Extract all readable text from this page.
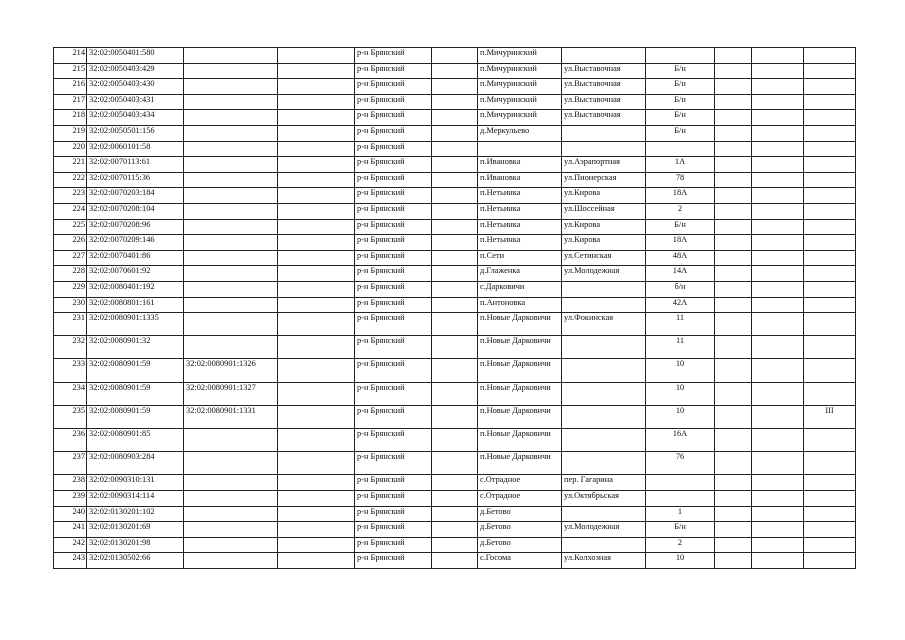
214	32:02:0050401:580			р-н Брянский		п.Мичуринский					
215	32:02:0050403:429			р-н Брянский		п.Мичуринский	ул.Выставочная	Б/н			
216	32:02:0050403:430			р-н Брянский		п.Мичуринский	ул.Выставочная	Б/н			
217	32:02:0050403:431			р-н Брянский		п.Мичуринский	ул.Выставочная	Б/н			
218	32:02:0050403:434			р-н Брянский		п.Мичуринский	ул.Выставочная	Б/н			
219	32:02:0050501:156			р-н Брянский		д.Меркульево		Б/н			
220	32:02:0060101:58			р-н Брянский							
221	32:02:0070113:61			р-н Брянский		п.Ивановка	ул.Аэрапортная	1А			
222	32:02:0070115:36			р-н Брянский		п.Ивановка	ул.Пионерская	78			
223	32:02:0070203:184			р-н Брянский		п.Нетьинка	ул.Кирова	18А			
224	32:02:0070208:104			р-н Брянский		п.Нетьинка	ул.Шоссейная	2			
225	32:02:0070208:96			р-н Брянский		п.Нетьинка	ул.Кирова	Б/н			
226	32:02:0070209:146			р-н Брянский		п.Нетьинка	ул.Кирова	18А			
227	32:02:0070401:86			р-н Брянский		п.Сети	ул.Сетинская	48А			
228	32:02:0070601:92			р-н Брянский		д.Глаженка	ул.Молодежная	14А			
229	32:02:0080401:192			р-н Брянский		с.Дарковичи		б/н			
230	32:02:0080801:161			р-н Брянский		п.Антоновка		42А			
231	32:02:0080901:1335			р-н Брянский		п.Новые Дарковичи	ул.Фокинская	11			
232	32:02:0080901:32			р-н Брянский		п.Новые Дарковичи		11			
233	32:02:0080901:59	32:02:0080901:1326		р-н Брянский		п.Новые Дарковичи		10			
234	32:02:0080901:59	32:02:0080901:1327		р-н Брянский		п.Новые Дарковичи		10			
235	32:02:0080901:59	32:02:0080901:1331		р-н Брянский		п.Новые Дарковичи		10			III
236	32:02:0080901:85			р-н Брянский		п.Новые Дарковичи		16А			
237	32:02:0080903:284			р-н Брянский		п.Новые Дарковичи		76			
238	32:02:0090310:131			р-н Брянский		с.Отрадное	пер. Гагарина				
239	32:02:0090314:114			р-н Брянский		с.Отрадное	ул.Октябрьская				
240	32:02:0130201:102			р-н Брянский		д.Бетово		1			
241	32:02:0130201:69			р-н Брянский		д.Бетово	ул.Молодежная	Б/н			
242	32:02:0130201:98			р-н Брянский		д.Бетово		2			
243	32:02:0130502:66			р-н Брянский		с.Госома	ул.Колхозная	10			
